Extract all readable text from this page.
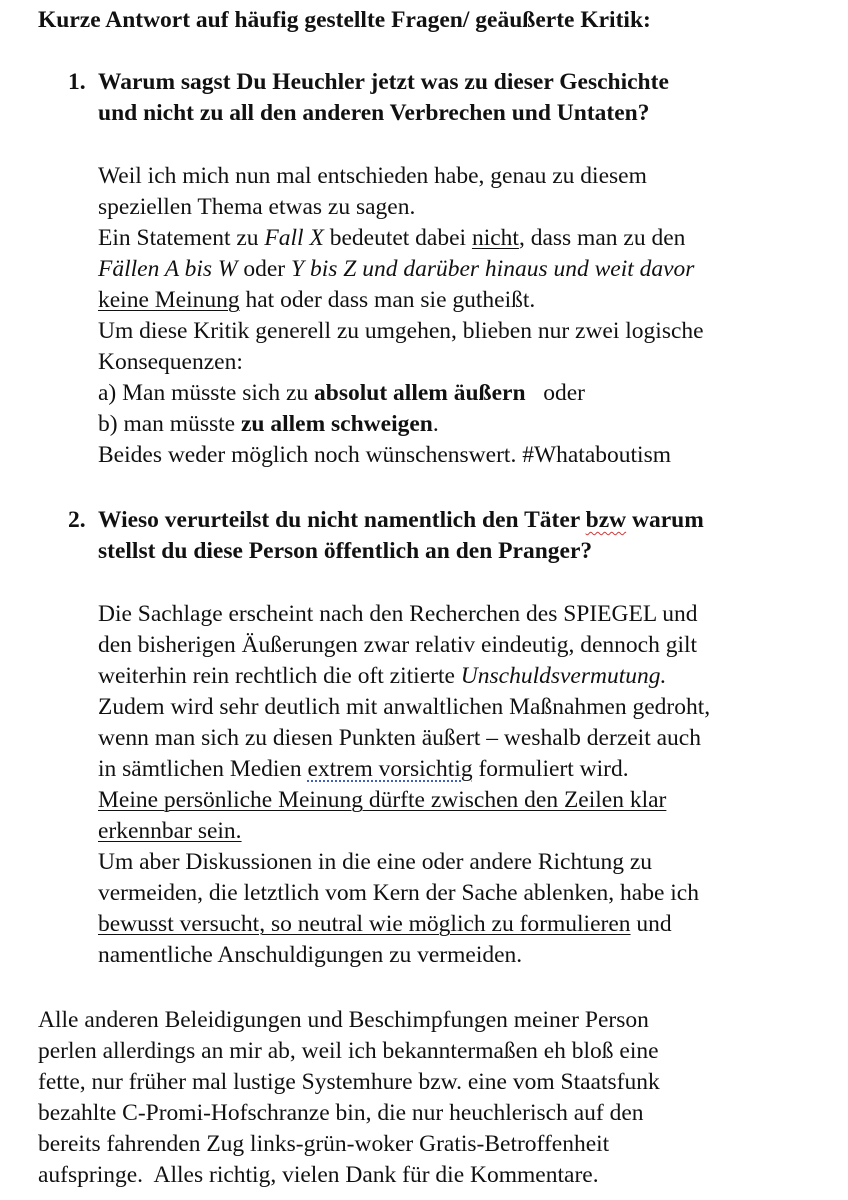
Kurze Antwort auf häufig gestellte Fragen/ geäußerte Kritik:
1. Warum sagst Du Heuchler jetzt was zu dieser Geschichte
und nicht zu all den anderen Verbrechen und Untaten?
Weil ich mich nun mal entschieden habe, genau zu diesem
speziellen Thema etwas zu sagen.
Ein Statement zu Fall X bedeutet dabei nicht, dass man zu den
Fällen A bis W oder Y bis Z und darüber hinaus und weit davor
keine Meinung hat oder dass man sie gutheißt.
Um diese Kritik generell zu umgehen, blieben nur zwei logische
Konsequenzen:
a) Man müsste sich zu absolut allem äußern   oder
b) man müsste zu allem schweigen.
Beides weder möglich noch wünschenswert. #Whataboutism
2. Wieso verurteilst du nicht namentlich den Täter bzw warum
stellst du diese Person öffentlich an den Pranger?
Die Sachlage erscheint nach den Recherchen des SPIEGEL und
den bisherigen Äußerungen zwar relativ eindeutig, dennoch gilt
weiterhin rein rechtlich die oft zitierte Unschuldsvermutung.
Zudem wird sehr deutlich mit anwaltlichen Maßnahmen gedroht,
wenn man sich zu diesen Punkten äußert – weshalb derzeit auch
in sämtlichen Medien extrem vorsichtig formuliert wird.
Meine persönliche Meinung dürfte zwischen den Zeilen klar
erkennbar sein.
Um aber Diskussionen in die eine oder andere Richtung zu
vermeiden, die letztlich vom Kern der Sache ablenken, habe ich
bewusst versucht, so neutral wie möglich zu formulieren und
namentliche Anschuldigungen zu vermeiden.
Alle anderen Beleidigungen und Beschimpfungen meiner Person
perlen allerdings an mir ab, weil ich bekanntermaßen eh bloß eine
fette, nur früher mal lustige Systemhure bzw. eine vom Staatsfunk
bezahlte C-Promi-Hofschranze bin, die nur heuchlerisch auf den
bereits fahrenden Zug links-grün-woker Gratis-Betroffenheit
aufspringe.  Alles richtig, vielen Dank für die Kommentare.
